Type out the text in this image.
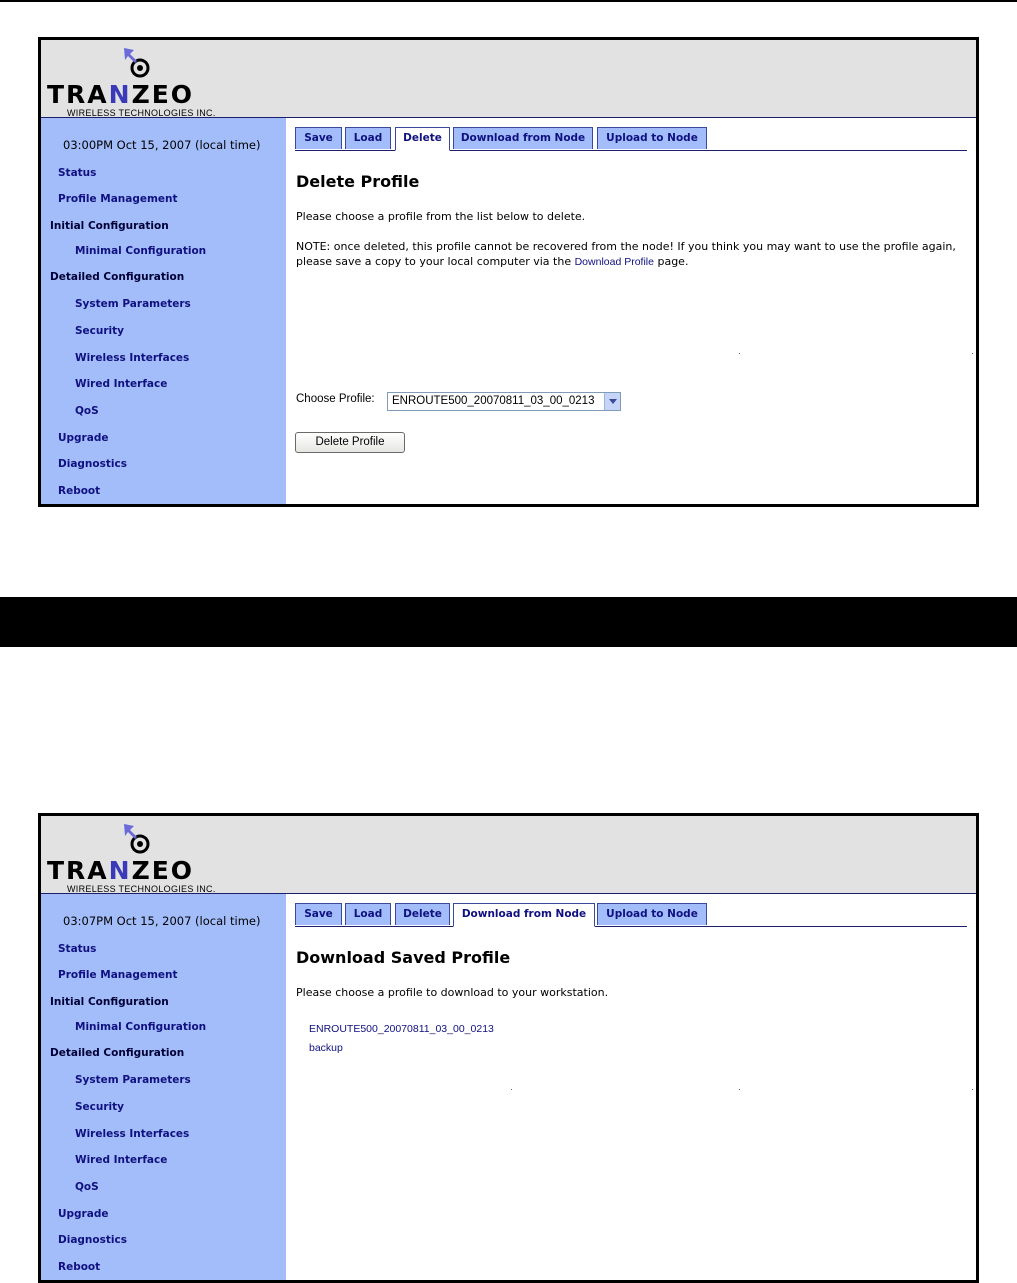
TRANZEO
WIRELESS TECHNOLOGIES INC.
03:00PM Oct 15, 2007 (local time)
Status
Profile Management
Initial Configuration
Minimal Configuration
Detailed Configuration
System Parameters
Security
Wireless Interfaces
Wired Interface
QoS
Upgrade
Diagnostics
Reboot
Save	Load	Delete	Download from Node	Upload to Node
Delete Profile
Please choose a profile from the list below to delete.
NOTE: once deleted, this profile cannot be recovered from the node! If you think you may want to use the profile again, please save a copy to your local computer via the Download Profile page.
Choose Profile:	ENROUTE500_20070811_03_00_0213
Delete Profile
TRANZEO
WIRELESS TECHNOLOGIES INC.
03:07PM Oct 15, 2007 (local time)
Status
Profile Management
Initial Configuration
Minimal Configuration
Detailed Configuration
System Parameters
Security
Wireless Interfaces
Wired Interface
QoS
Upgrade
Diagnostics
Reboot
Save	Load	Delete	Download from Node	Upload to Node
Download Saved Profile
Please choose a profile to download to your workstation.
ENROUTE500_20070811_03_00_0213
backup
